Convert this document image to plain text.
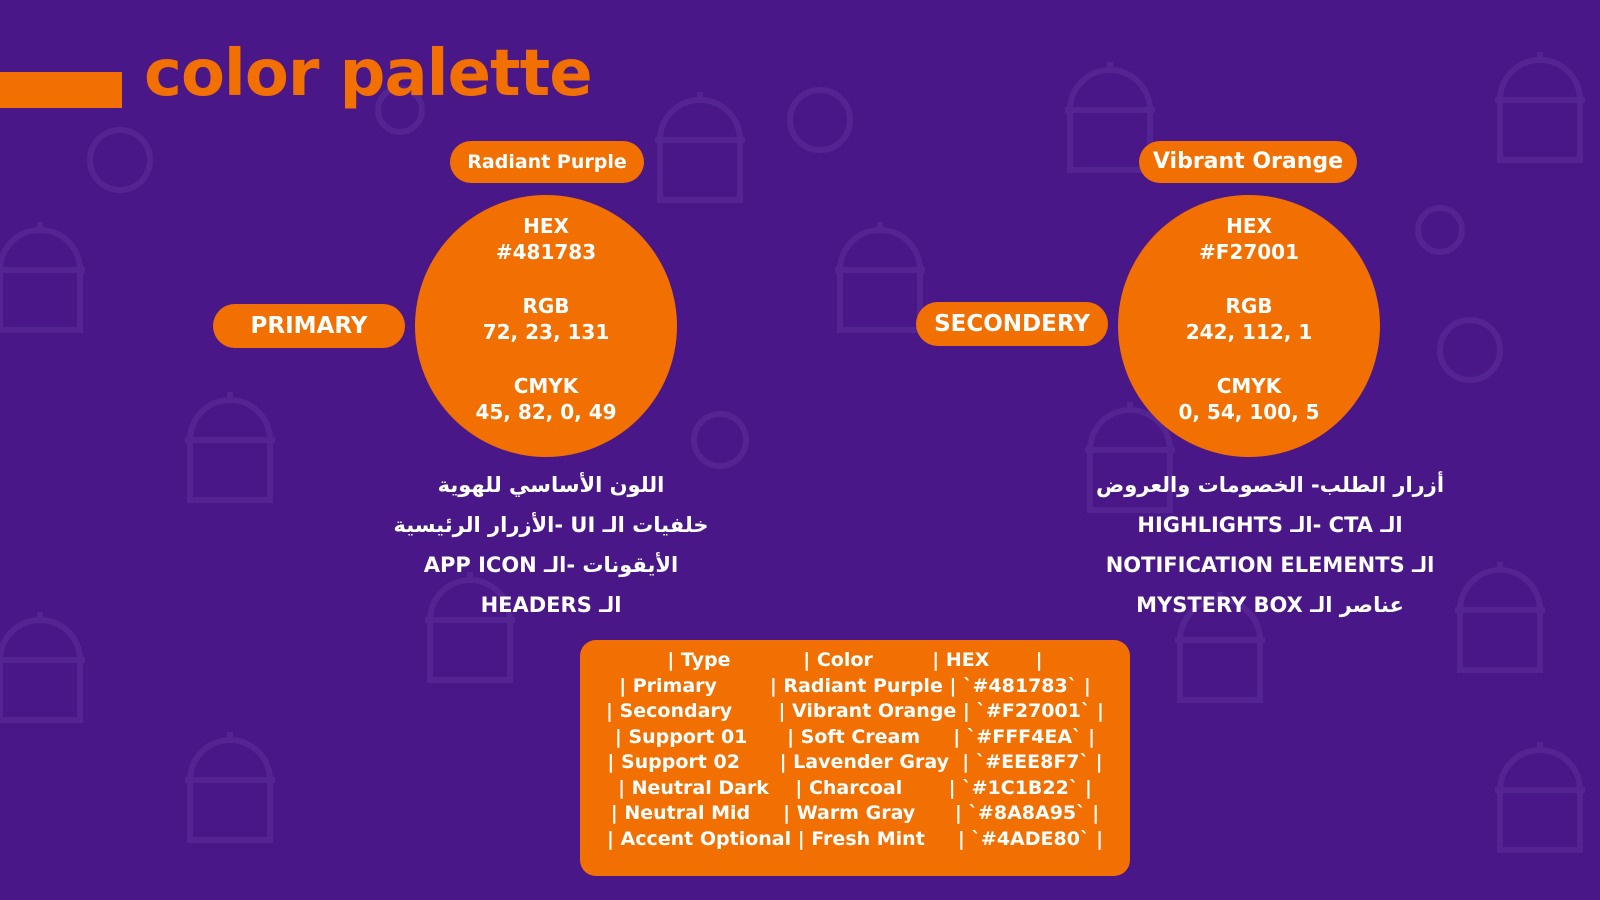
color palette
Radiant Purple
PRIMARY
HEX
#481783
RGB
72, 23, 131
CMYK
45, 82, 0, 49
اللون الأساسي للهوية
خلفيات الـ UI -الأزرار الرئيسية
الأيقونات -الـ APP ICON
الـ HEADERS
Vibrant Orange
SECONDERY
HEX
#F27001
RGB
242, 112, 1
CMYK
0, 54, 100, 5
أزرار الطلب- الخصومات والعروض
الـ CTA -الـ HIGHLIGHTS
الـ NOTIFICATION ELEMENTS
عناصر الـ MYSTERY BOX
| Type           | Color         | HEX       |
| Primary        | Radiant Purple | `#481783` |
| Secondary       | Vibrant Orange | `#F27001` |
| Support 01      | Soft Cream     | `#FFF4EA` |
| Support 02      | Lavender Gray  | `#EEE8F7` |
| Neutral Dark    | Charcoal       | `#1C1B22` |
| Neutral Mid     | Warm Gray      | `#8A8A95` |
| Accent Optional | Fresh Mint     | `#4ADE80` |
